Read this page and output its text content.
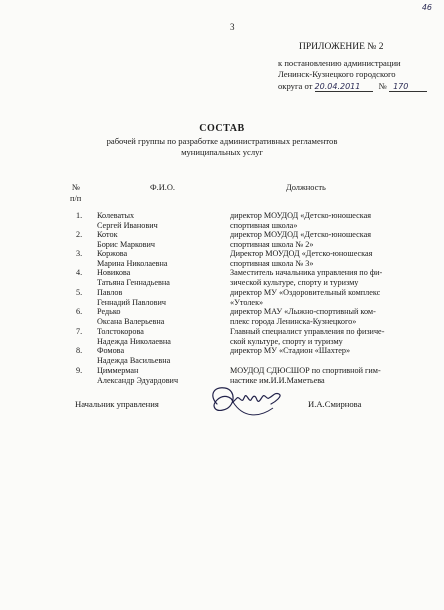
46
3
ПРИЛОЖЕНИЕ № 2
к постановлению администрации
Ленинск-Кузнецкого городского
округа от 20.04.2011 № 170
СОСТАВ
рабочей группы по разработке административных регламентов
муниципальных услуг
№
п/п
Ф.И.О.	Должность
1. Колеватых
Сергей Иванович
директор МОУДОД «Детско-юношеская
спортивная школа»
2. Коток
Борис Маркович
директор МОУДОД «Детско-юношеская
спортивная школа № 2»
3. Коржова
Марина Николаевна
Директор МОУДОД «Детско-юношеская
спортивная школа № 3»
4. Новикова
Татьяна Геннадьевна
Заместитель начальника управления по фи-
зической культуре, спорту и туризму
5. Павлов
Геннадий Павлович
директор МУ «Оздоровительный комплекс
«Утолек»
6. Редько
Оксана Валерьевна
директор МАУ «Лыжно-спортивный ком-
плекс города Ленинска-Кузнецкого»
7. Толстокорова
Надежда Николаевна
Главный специалист управления по физиче-
ской культуре, спорту и туризму
8. Фомова
Надежда Васильевна
директор МУ «Стадион «Шахтер»
9. Циммерман
Александр Эдуардович
МОУДОД СДЮСШОР по спортивной гим-
настике им.И.И.Маметьева
Начальник управления	И.А.Смирнова
